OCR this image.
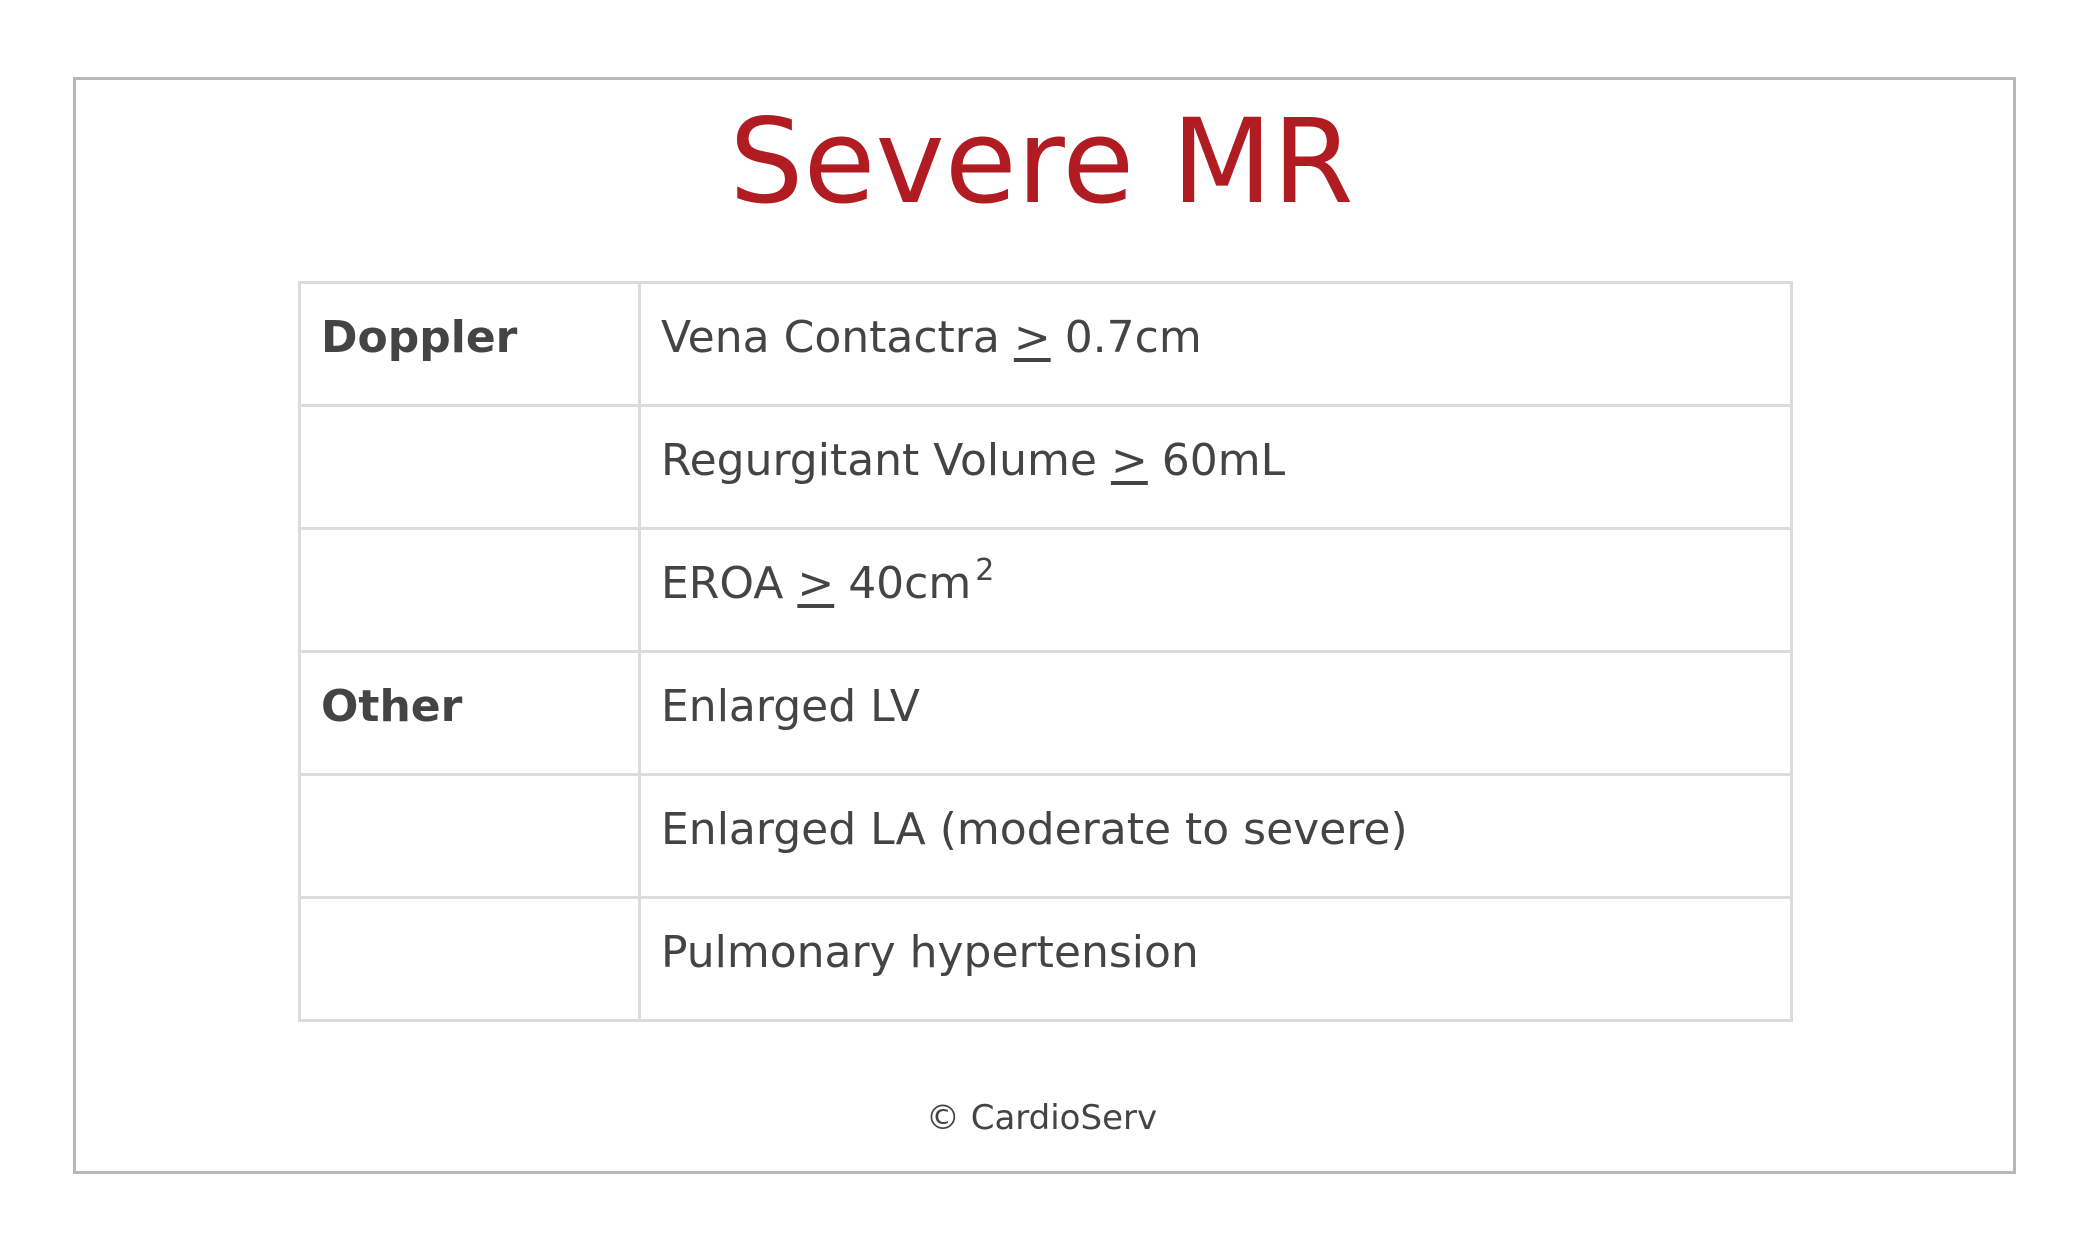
Severe MR
Doppler	Vena Contactra ≥ 0.7cm
	Regurgitant Volume ≥ 60mL
	EROA ≥ 40cm $^2$
Other	Enlarged LV
	Enlarged LA (moderate to severe)
	Pulmonary hypertension
© CardioServ
